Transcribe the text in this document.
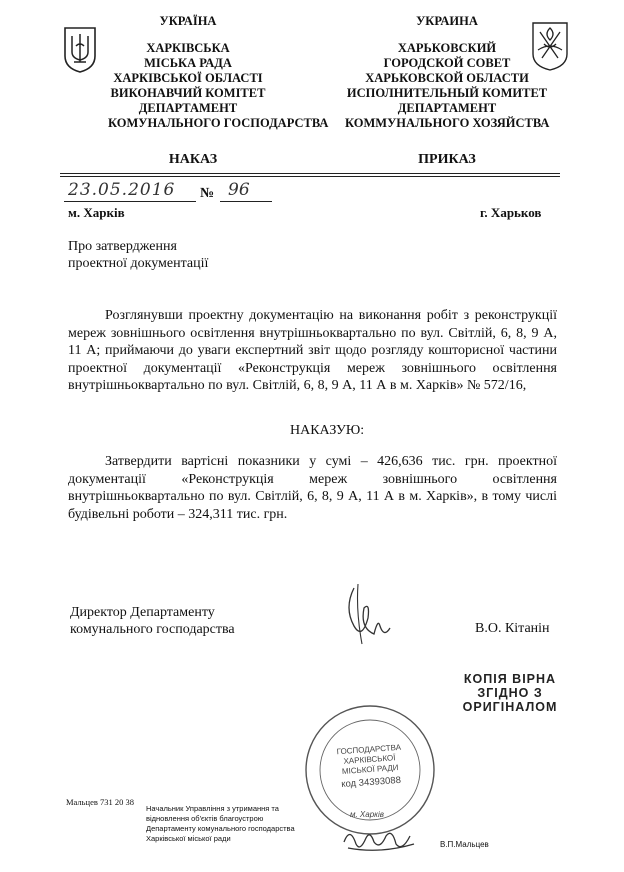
УКРАЇНА
ХАРКІВСЬКА
МІСЬКА РАДА
ХАРКІВСЬКОЇ ОБЛАСТІ
ВИКОНАВЧИЙ КОМІТЕТ
ДЕПАРТАМЕНТ
КОМУНАЛЬНОГО ГОСПОДАРСТВА
УКРАИНА
ХАРЬКОВСКИЙ
ГОРОДСКОЙ СОВЕТ
ХАРЬКОВСКОЙ ОБЛАСТИ
ИСПОЛНИТЕЛЬНЫЙ КОМИТЕТ
ДЕПАРТАМЕНТ
КОММУНАЛЬНОГО ХОЗЯЙСТВА
НАКАЗ	ПРИКАЗ
23.05.2016 № 96
м. Харків	г. Харьков
Про затвердження
проектної документації
Розглянувши проектну документацію на виконання робіт з реконструкції мереж зовнішнього освітлення внутрішньоквартально по вул. Світлій, 6, 8, 9 А, 11 А; приймаючи до уваги експертний звіт щодо розгляду кошторисної частини проектної документації «Реконструкція мереж зовнішнього освітлення внутрішньоквартально по вул. Світлій, 6, 8, 9 А, 11 А в м. Харків» № 572/16,
НАКАЗУЮ:
Затвердити вартісні показники у сумі – 426,636 тис. грн. проектної документації «Реконструкція мереж зовнішнього освітлення внутрішньоквартально по вул. Світлій, 6, 8, 9 А, 11 А в м. Харків», в тому числі будівельні роботи – 324,311 тис. грн.
Директор Департаменту
комунального господарства	В.О. Кітанін
КОПІЯ ВІРНА
ЗГІДНО З
ОРИГІНАЛОМ
ГОСПОДАРСТВА
ХАРКІВСЬКОЇ
МІСЬКОЇ РАДИ
код 34393088
м. Харків
Мальцев 731 20 38
Начальник Управління з утримання та
відновлення об'єктів благоустрою
Департаменту комунального господарства
Харківської міської ради
В.П.Мальцев
